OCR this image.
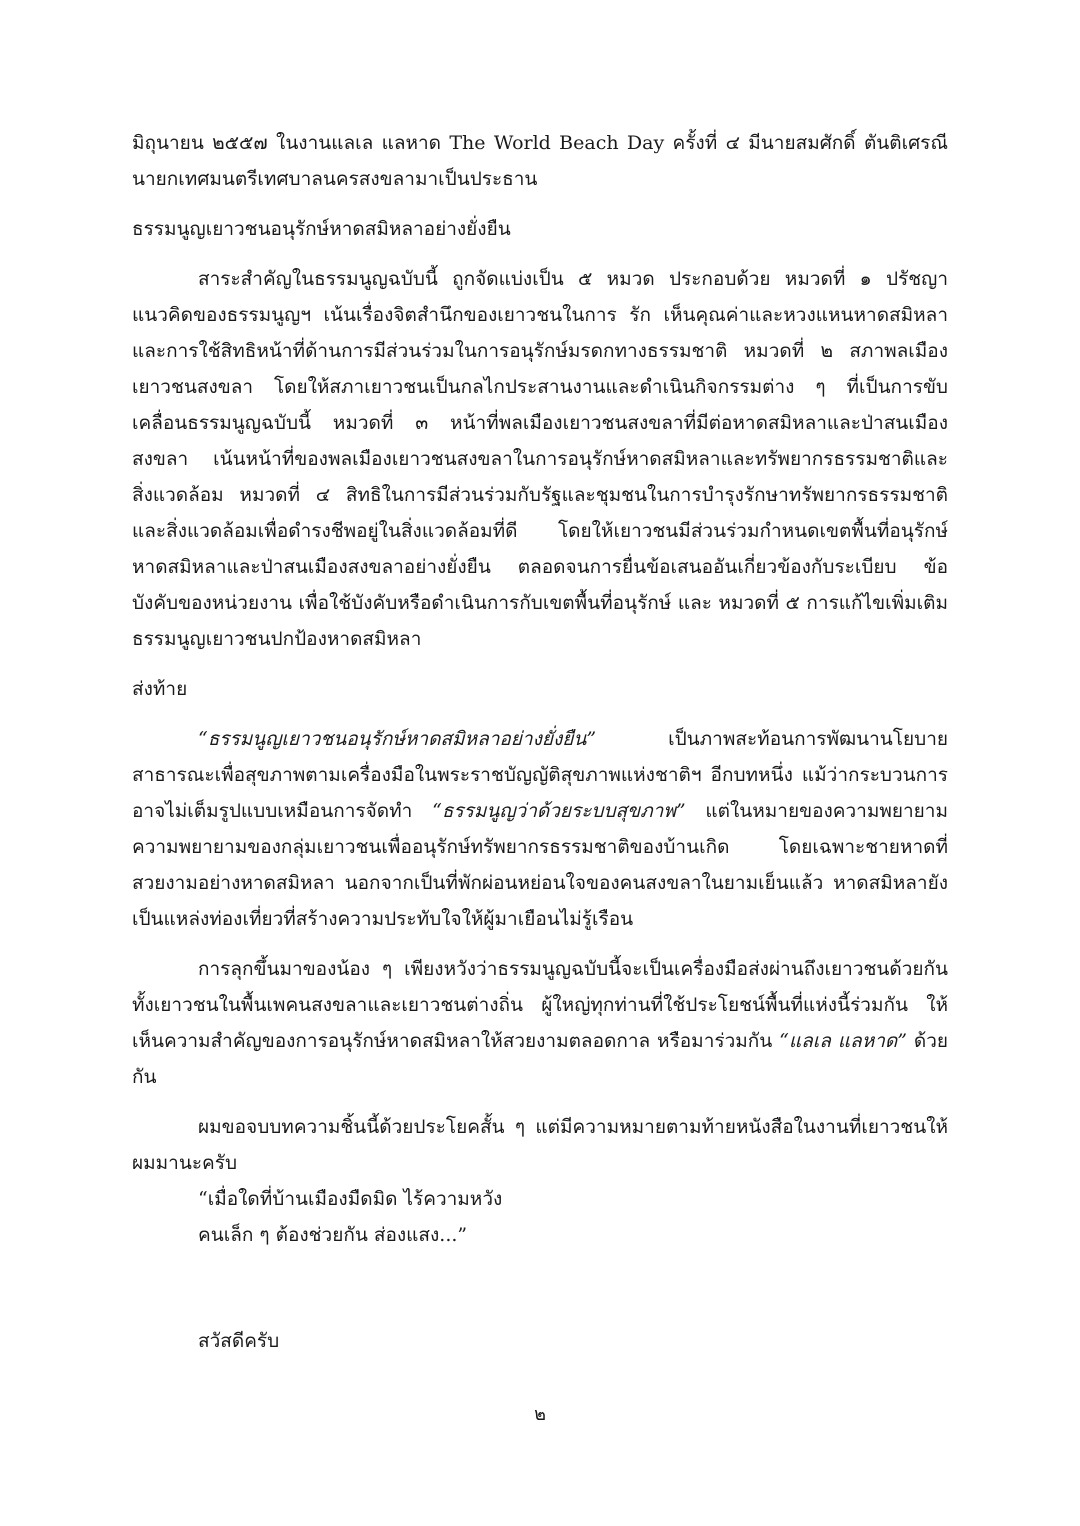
มิถุนายน ๒๕๕๗ ในงานแลเล แลหาด The World Beach Day ครั้งที่ ๔ มีนายสมศักดิ์ ตันติเศรณี นายกเทศมนตรีเทศบาลนครสงขลามาเป็นประธาน

ธรรมนูญเยาวชนอนุรักษ์หาดสมิหลาอย่างยั่งยืน

สาระสำคัญในธรรมนูญฉบับนี้ ถูกจัดแบ่งเป็น ๕ หมวด ประกอบด้วย หมวดที่ ๑ ปรัชญาแนวคิดของธรรมนูญฯ เน้นเรื่องจิตสำนึกของเยาวชนในการ รัก เห็นคุณค่าและหวงแหนหาดสมิหลา และการใช้สิทธิหน้าที่ด้านการมีส่วนร่วมในการอนุรักษ์มรดกทางธรรมชาติ หมวดที่ ๒ สภาพลเมืองเยาวชนสงขลา โดยให้สภาเยาวชนเป็นกลไกประสานงานและดำเนินกิจกรรมต่าง ๆ ที่เป็นการขับเคลื่อนธรรมนูญฉบับนี้ หมวดที่ ๓ หน้าที่พลเมืองเยาวชนสงขลาที่มีต่อหาดสมิหลาและป่าสนเมืองสงขลา เน้นหน้าที่ของพลเมืองเยาวชนสงขลาในการอนุรักษ์หาดสมิหลาและทรัพยากรธรรมชาติและสิ่งแวดล้อม หมวดที่ ๔ สิทธิในการมีส่วนร่วมกับรัฐและชุมชนในการบำรุงรักษาทรัพยากรธรรมชาติและสิ่งแวดล้อมเพื่อดำรงชีพอยู่ในสิ่งแวดล้อมที่ดี โดยให้เยาวชนมีส่วนร่วมกำหนดเขตพื้นที่อนุรักษ์หาดสมิหลาและป่าสนเมืองสงขลาอย่างยั่งยืน ตลอดจนการยื่นข้อเสนออันเกี่ยวข้องกับระเบียบ ข้อบังคับของหน่วยงาน เพื่อใช้บังคับหรือดำเนินการกับเขตพื้นที่อนุรักษ์ และ หมวดที่ ๕ การแก้ไขเพิ่มเติมธรรมนูญเยาวชนปกป้องหาดสมิหลา

ส่งท้าย

“ธรรมนูญเยาวชนอนุรักษ์หาดสมิหลาอย่างยั่งยืน” เป็นภาพสะท้อนการพัฒนานโยบายสาธารณะเพื่อสุขภาพตามเครื่องมือในพระราชบัญญัติสุขภาพแห่งชาติฯ อีกบทหนึ่ง แม้ว่ากระบวนการอาจไม่เต็มรูปแบบเหมือนการจัดทำ “ธรรมนูญว่าด้วยระบบสุขภาพ” แต่ในหมายของความพยายาม ความพยายามของกลุ่มเยาวชนเพื่ออนุรักษ์ทรัพยากรธรรมชาติของบ้านเกิด โดยเฉพาะชายหาดที่สวยงามอย่างหาดสมิหลา นอกจากเป็นที่พักผ่อนหย่อนใจของคนสงขลาในยามเย็นแล้ว หาดสมิหลายังเป็นแหล่งท่องเที่ยวที่สร้างความประทับใจให้ผู้มาเยือนไม่รู้เรือน

การลุกขึ้นมาของน้อง ๆ เพียงหวังว่าธรรมนูญฉบับนี้จะเป็นเครื่องมือส่งผ่านถึงเยาวชนด้วยกัน ทั้งเยาวชนในพื้นเพคนสงขลาและเยาวชนต่างถิ่น ผู้ใหญ่ทุกท่านที่ใช้ประโยชน์พื้นที่แห่งนี้ร่วมกัน ให้เห็นความสำคัญของการอนุรักษ์หาดสมิหลาให้สวยงามตลอดกาล หรือมาร่วมกัน “แลเล แลหาด” ด้วยกัน

ผมขอจบบทความชิ้นนี้ด้วยประโยคสั้น ๆ แต่มีความหมายตามท้ายหนังสือในงานที่เยาวชนให้ผมมานะครับ

“เมื่อใดที่บ้านเมืองมืดมิด ไร้ความหวัง

คนเล็ก ๆ ต้องช่วยกัน ส่องแสง...”

สวัสดีครับ

๒
